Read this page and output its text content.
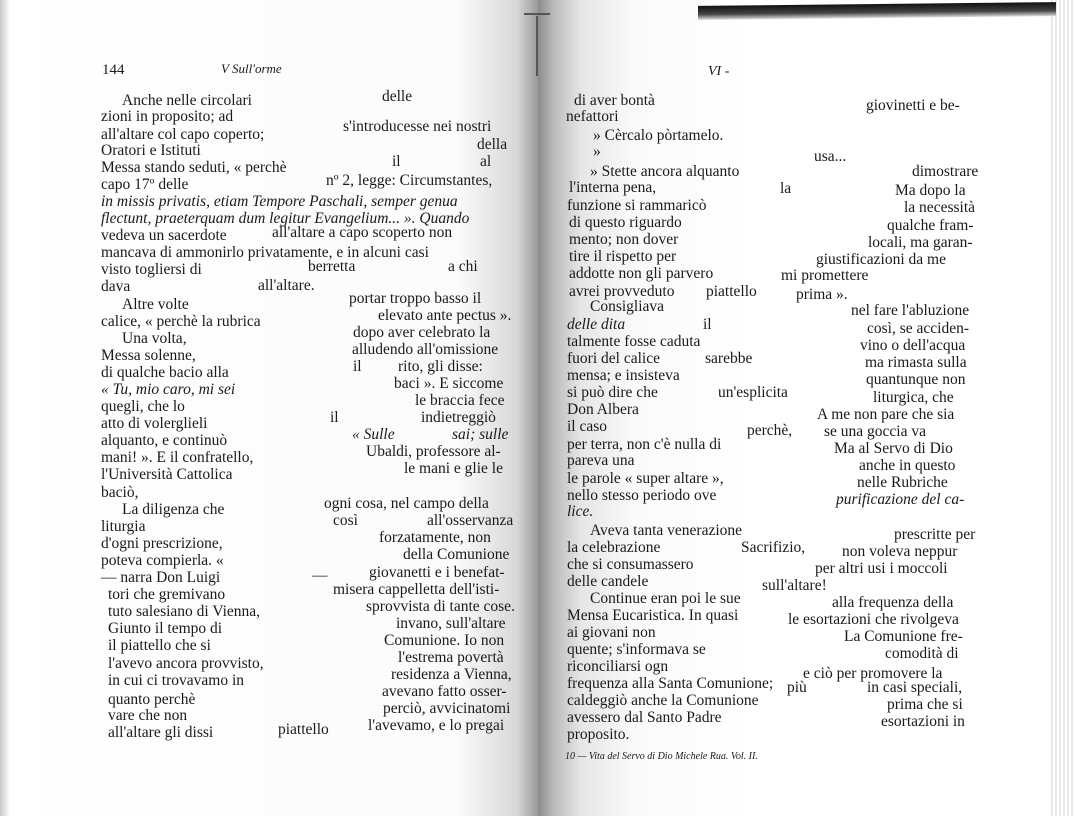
144	V Sull'orme
Anche nelle circolari
zioni in proposito; ad
all'altare col capo coperto;
Oratori e Istituti
Messa stando seduti, « perchè
capo 17º delle
in missis privatis, etiam Tempore Paschali, semper genua
flectunt, praeterquam dum legitur Evangelium... ». Quando
vedeva un sacerdote
mancava di ammonirlo privatamente, e in alcuni casi
visto togliersi di
dava
Altre volte
calice, « perchè la rubrica
Una volta,
Messa solenne,
di qualche bacio alla
« Tu, mio caro, mi sei
quegli, che lo
atto di volerglieli
alquanto, e continuò
mani! ». E il confratello,
l'Università Cattolica
baciò,
La diligenza che
liturgia
d'ogni prescrizione,
poteva compierla. «
— narra Don Luigi
tori che gremivano
tuto salesiano di Vienna,
Giunto il tempo di
il piattello che si
l'avevo ancora provvisto,
in cui ci trovavamo in
quanto perchè
vare che non
all'altare gli dissi
delle
s'introducesse nei nostri
della
il	al
nº 2, legge: Circumstantes,
all'altare a capo scoperto non
berretta	a chi
all'altare.
portar troppo basso il
elevato ante pectus ».
dopo aver celebrato la
alludendo all'omissione
il rito, gli disse:
baci ». E siccome
le braccia fece
il	indietreggiò
« Sulle	sai; sulle
Ubaldi, professore al-
le mani e glie le
ogni cosa, nel campo della
così	all'osservanza
forzatamente, non
della Comunione
—	giovanetti e i benefat-
misera cappelletta dell'isti-
sprovvista di tante cose.
invano, sull'altare
Comunione. Io non
l'estrema povertà
residenza a Vienna,
avevano fatto osser-
perciò, avvicinatomi
piattello	l'avevamo, e lo pregai
VI -
di aver bontà
nefattori
» Cèrcalo pòrtamelo.
»
» Stette ancora alquanto
l'interna pena,
funzione si rammaricò
di questo riguardo
mento; non dover
tire il rispetto per
addotte non gli parvero
avrei provveduto
Consigliava
delle dita
talmente fosse caduta
fuori del calice
mensa; e insisteva
si può dire che
Don Albera
il caso
per terra, non c'è nulla di
pareva una
le parole « super altare »,
nello stesso periodo ove
lice.
Aveva tanta venerazione
la celebrazione
che si consumassero
delle candele
Continue eran poi le sue
Mensa Eucaristica. In quasi
ai giovani non
quente; s'informava se
riconciliarsi ogn
frequenza alla Santa Comunione;
caldeggiò anche la Comunione
avessero dal Santo Padre
proposito.
giovinetti e be-
usa...
la
dimostrare
Ma dopo la
la necessità
qualche fram-
locali, ma garan-
giustificazioni da me
mi promettere
piattello	prima ».
nel fare l'abluzione
il	così, se acciden-
sarebbe
vino o dell'acqua
ma rimasta sulla
quantunque non
un'esplicita	liturgica, che
A me non pare che sia
perchè, se una goccia va
Ma al Servo di Dio
anche in questo
nelle Rubriche
purificazione del ca-
prescritte per
Sacrifizio, non voleva neppur
per altri usi i moccoli
sull'altare!
alla frequenza della
le esortazioni che rivolgeva
La Comunione fre-
comodità di
e ciò per promovere la
più	in casi speciali,
prima che si
esortazioni in
10 — Vita del Servo di Dio Michele Rua. Vol. II.
